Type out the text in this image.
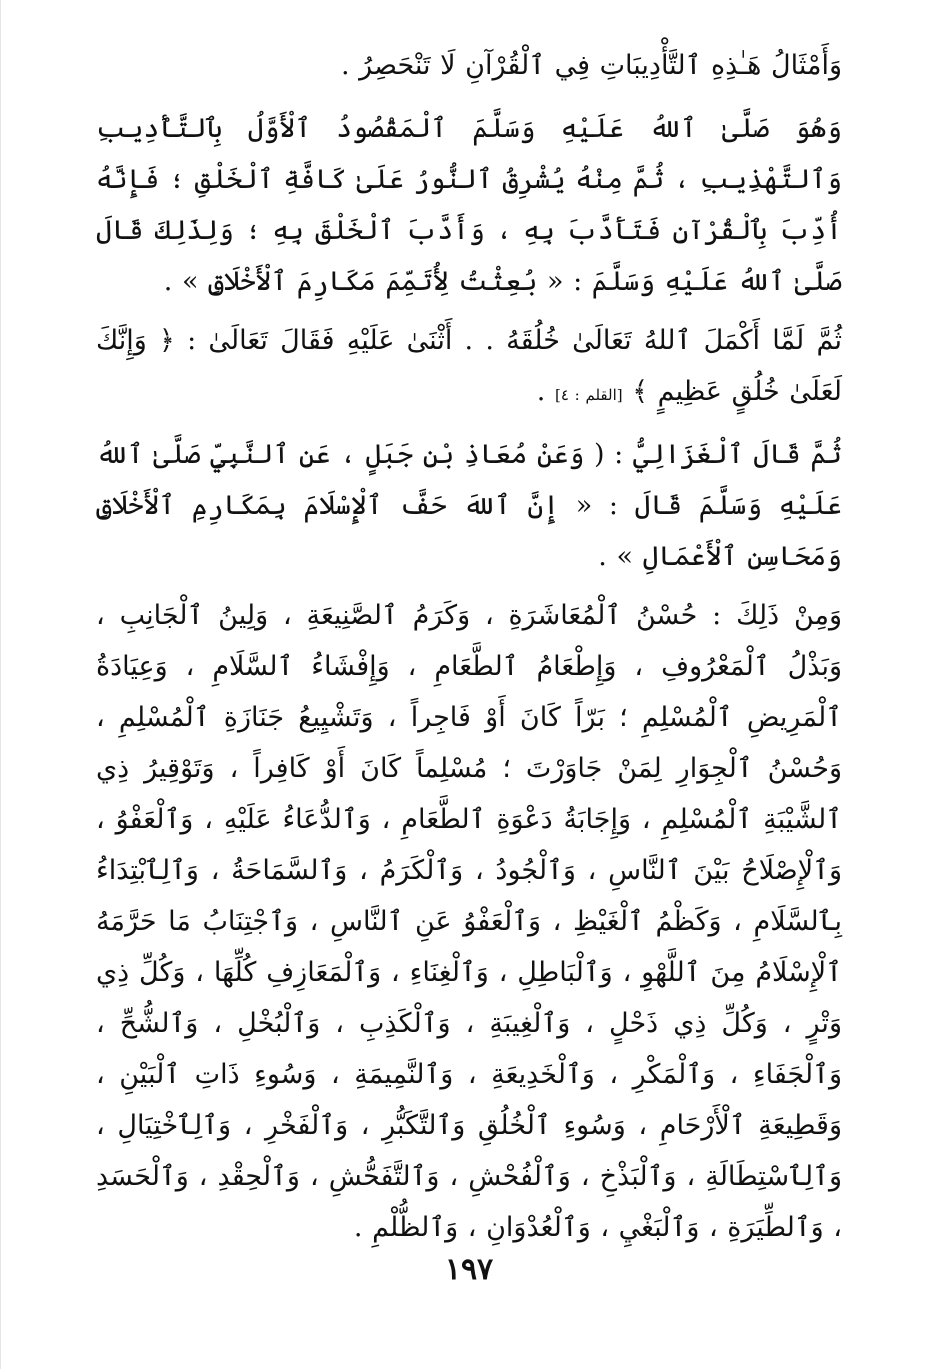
وَأَمْثَالُ هَـٰذِهِ ٱلتَّأْدِيبَاتِ فِي ٱلْقُرْآنِ لَا تَنْحَصِرُ .

وَهُوَ صَلَّىٰ ٱللهُ عَلَيْهِ وَسَلَّمَ ٱلْمَقْصُودُ ٱلْأَوَّلُ بِٱلتَّأْدِيبِ وَٱلتَّهْذِيبِ ، ثُمَّ مِنْهُ يُشْرِقُ ٱلنُّورُ عَلَىٰ كَافَّةِ ٱلْخَلْقِ ؛ فَإِنَّهُ أُدِّبَ بِٱلْقُرْآنِ فَتَأَدَّبَ بِهِ ، وَأَدَّبَ ٱلْخَلْقَ بِهِ ؛ وَلِذَلِكَ قَالَ صَلَّىٰ ٱللهُ عَلَيْهِ وَسَلَّمَ : « بُعِثْتُ لِأُتَمِّمَ مَكَارِمَ ٱلْأَخْلَاقِ » .

ثُمَّ لَمَّا أَكْمَلَ ٱللهُ تَعَالَىٰ خُلُقَهُ . . أَثْنَىٰ عَلَيْهِ فَقَالَ تَعَالَىٰ : ﴿ وَإِنَّكَ لَعَلَىٰ خُلُقٍ عَظِيمٍ ﴾ [القلم : ٤] .

ثُمَّ قَالَ ٱلْغَزَالِيُّ : ( وَعَنْ مُعَاذِ بْنِ جَبَلٍ ، عَنِ ٱلنَّبِيِّ صَلَّىٰ ٱللهُ عَلَيْهِ وَسَلَّمَ قَالَ : « إِنَّ ٱللهَ حَفَّ ٱلْإِسْلَامَ بِمَكَارِمِ ٱلْأَخْلَاقِ وَمَحَاسِنِ ٱلْأَعْمَالِ » .

وَمِنْ ذَلِكَ : حُسْنُ ٱلْمُعَاشَرَةِ ، وَكَرَمُ ٱلصَّنِيعَةِ ، وَلِينُ ٱلْجَانِبِ ، وَبَذْلُ ٱلْمَعْرُوفِ ، وَإِطْعَامُ ٱلطَّعَامِ ، وَإِفْشَاءُ ٱلسَّلَامِ ، وَعِيَادَةُ ٱلْمَرِيضِ ٱلْمُسْلِمِ ؛ بَرّاً كَانَ أَوْ فَاجِراً ، وَتَشْيِيعُ جَنَازَةِ ٱلْمُسْلِمِ ، وَحُسْنُ ٱلْجِوَارِ لِمَنْ جَاوَرْتَ ؛ مُسْلِماً كَانَ أَوْ كَافِراً ، وَتَوْقِيرُ ذِي ٱلشَّيْبَةِ ٱلْمُسْلِمِ ، وَإِجَابَةُ دَعْوَةِ ٱلطَّعَامِ ، وَٱلدُّعَاءُ عَلَيْهِ ، وَٱلْعَفْوُ ، وَٱلْإِصْلَاحُ بَيْنَ ٱلنَّاسِ ، وَٱلْجُودُ ، وَٱلْكَرَمُ ، وَٱلسَّمَاحَةُ ، وَٱلِٱبْتِدَاءُ بِٱلسَّلَامِ ، وَكَظْمُ ٱلْغَيْظِ ، وَٱلْعَفْوُ عَنِ ٱلنَّاسِ ، وَٱجْتِنَابُ مَا حَرَّمَهُ ٱلْإِسْلَامُ مِنَ ٱللَّهْوِ ، وَٱلْبَاطِلِ ، وَٱلْغِنَاءِ ، وَٱلْمَعَازِفِ كُلِّهَا ، وَكُلِّ ذِي وَتْرٍ ، وَكُلِّ ذِي ذَحْلٍ ، وَٱلْغِيبَةِ ، وَٱلْكَذِبِ ، وَٱلْبُخْلِ ، وَٱلشُّحِّ ، وَٱلْجَفَاءِ ، وَٱلْمَكْرِ ، وَٱلْخَدِيعَةِ ، وَٱلنَّمِيمَةِ ، وَسُوءِ ذَاتِ ٱلْبَيْنِ ، وَقَطِيعَةِ ٱلْأَرْحَامِ ، وَسُوءِ ٱلْخُلُقِ وَٱلتَّكَبُّرِ ، وَٱلْفَخْرِ ، وَٱلِٱخْتِيَالِ ، وَٱلِٱسْتِطَالَةِ ، وَٱلْبَذْخِ ، وَٱلْفُحْشِ ، وَٱلتَّفَحُّشِ ، وَٱلْحِقْدِ ، وَٱلْحَسَدِ ، وَٱلطِّيَرَةِ ، وَٱلْبَغْيِ ، وَٱلْعُدْوَانِ ، وَٱلظُّلْمِ .

١٩٧
